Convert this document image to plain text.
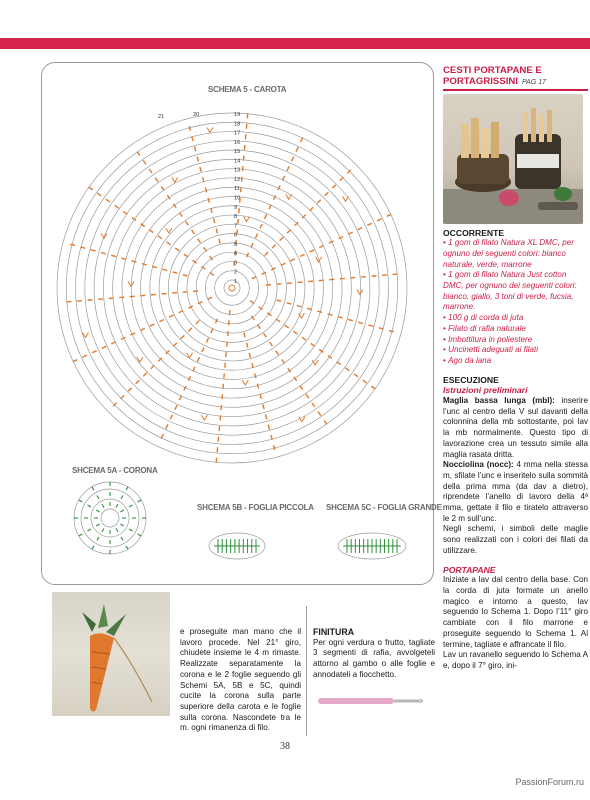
SCHEMA 5 - CAROTA
1
2
3
4
5
6
7
8
9
10
11
12
13
14
15
16
17
18
19
20
21
SHCEMA 5A - CORONA
SHCEMA 5B - FOGLIA PICCOLA SHCEMA 5C - FOGLIA GRANDE
CESTI PORTAPANE E
PORTAGRISSINI PAG 17
OCCORRENTE
• 1 gom di filato Natura XL DMC, per ognuno dei seguenti colori: bianco naturale, verde, marrone
• 1 gom di filato Natura Just cotton DMC, per ognuno dei seguenti colori: bianco, giallo, 3 toni di verde, fucsia, marrone.
• 100 g di corda di juta
• Filato di rafia naturale
• Imbottitura in poliestere
• Uncinetti adeguati ai filati
• Ago da lana
ESECUZIONE
Istruzioni preliminari
Maglia bassa lunga (mbl): inserire l’unc al centro della V sul davanti della colonnina della mb sottostante, poi lav la mb normalmente. Questo tipo di lavorazione crea un tessuto simile alla maglia rasata dritta.
Nocciolina (nocc): 4 mma nella stessa m, sfilate l’unc e inseritelo sulla sommità della prima mma (da dav a dietro), riprendete l’anello di lavoro della 4ª mma, gettate il filo e tiratelo attraverso le 2 m sull’unc.
Negli schemi, i simboli delle maglie sono realizzati con i colori dei filati da utilizzare.
PORTAPANE
Iniziate a lav dal centro della base. Con la corda di juta formate un anello magico e intorno a questo, lav seguendo lo Schema 1. Dopo l’11° giro cambiate con il filo marrone e proseguite seguendo lo Schema 1. Al termine, tagliate e affrancate il filo.
Lav un ravanello seguendo lo Schema A e, dopo il 7° giro, ini-
e proseguite man mano che il lavoro procede. Nel 21° giro, chiudete insieme le 4 m rimaste. Realizzate separatamente la corona e le 2 foglie seguendo gli Schemi 5A, 5B e 5C, quindi cucite la corona sulla parte superiore della carota e le foglie sulla corona. Nascondete tra le m. ogni rimanenza di filo.
FINITURA
Per ogni verdura o frutto, tagliate 3 segmenti di rafia, avvolgeteli attorno al gambo o alle foglie e annodateli a fiocchetto.
38
PassionForum.ru
